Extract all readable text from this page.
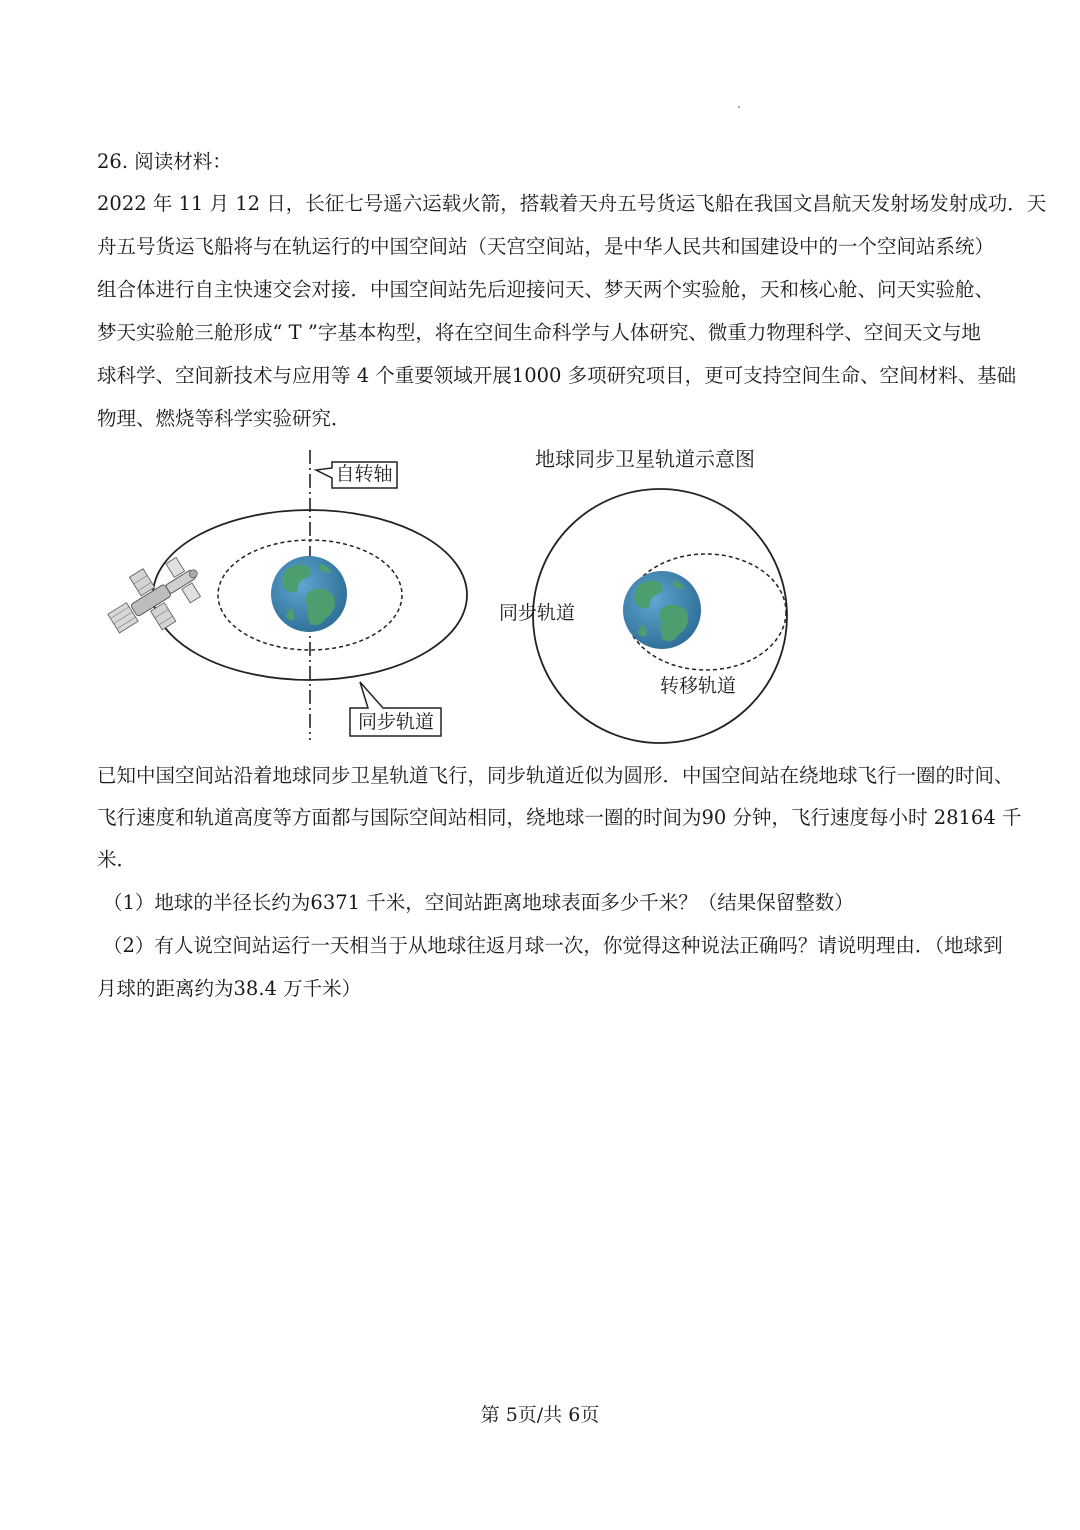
26. 阅读材料：
2022 年 11 月 12 日，长征七号遥六运载火箭，搭载着天舟五号货运飞船在我国文昌航天发射场发射成功．天
舟五号货运飞船将与在轨运行的中国空间站（天宫空间站，是中华人民共和国建设中的一个空间站系统）
组合体进行自主快速交会对接．中国空间站先后迎接问天、梦天两个实验舱，天和核心舱、问天实验舱、
梦天实验舱三舱形成“ T ”字基本构型，将在空间生命科学与人体研究、微重力物理科学、空间天文与地
球科学、空间新技术与应用等 4 个重要领域开展1000 多项研究项目，更可支持空间生命、空间材料、基础
物理、燃烧等科学实验研究．
自转轴
同步轨道
地球同步卫星轨道示意图
同步轨道
转移轨道
已知中国空间站沿着地球同步卫星轨道飞行，同步轨道近似为圆形．中国空间站在绕地球飞行一圈的时间、
飞行速度和轨道高度等方面都与国际空间站相同，绕地球一圈的时间为90 分钟，飞行速度每小时 28164 千
米．
（1）地球的半径长约为6371 千米，空间站距离地球表面多少千米？（结果保留整数）
（2）有人说空间站运行一天相当于从地球往返月球一次，你觉得这种说法正确吗？请说明理由．（地球到
月球的距离约为38.4 万千米）
第 5页/共 6页
